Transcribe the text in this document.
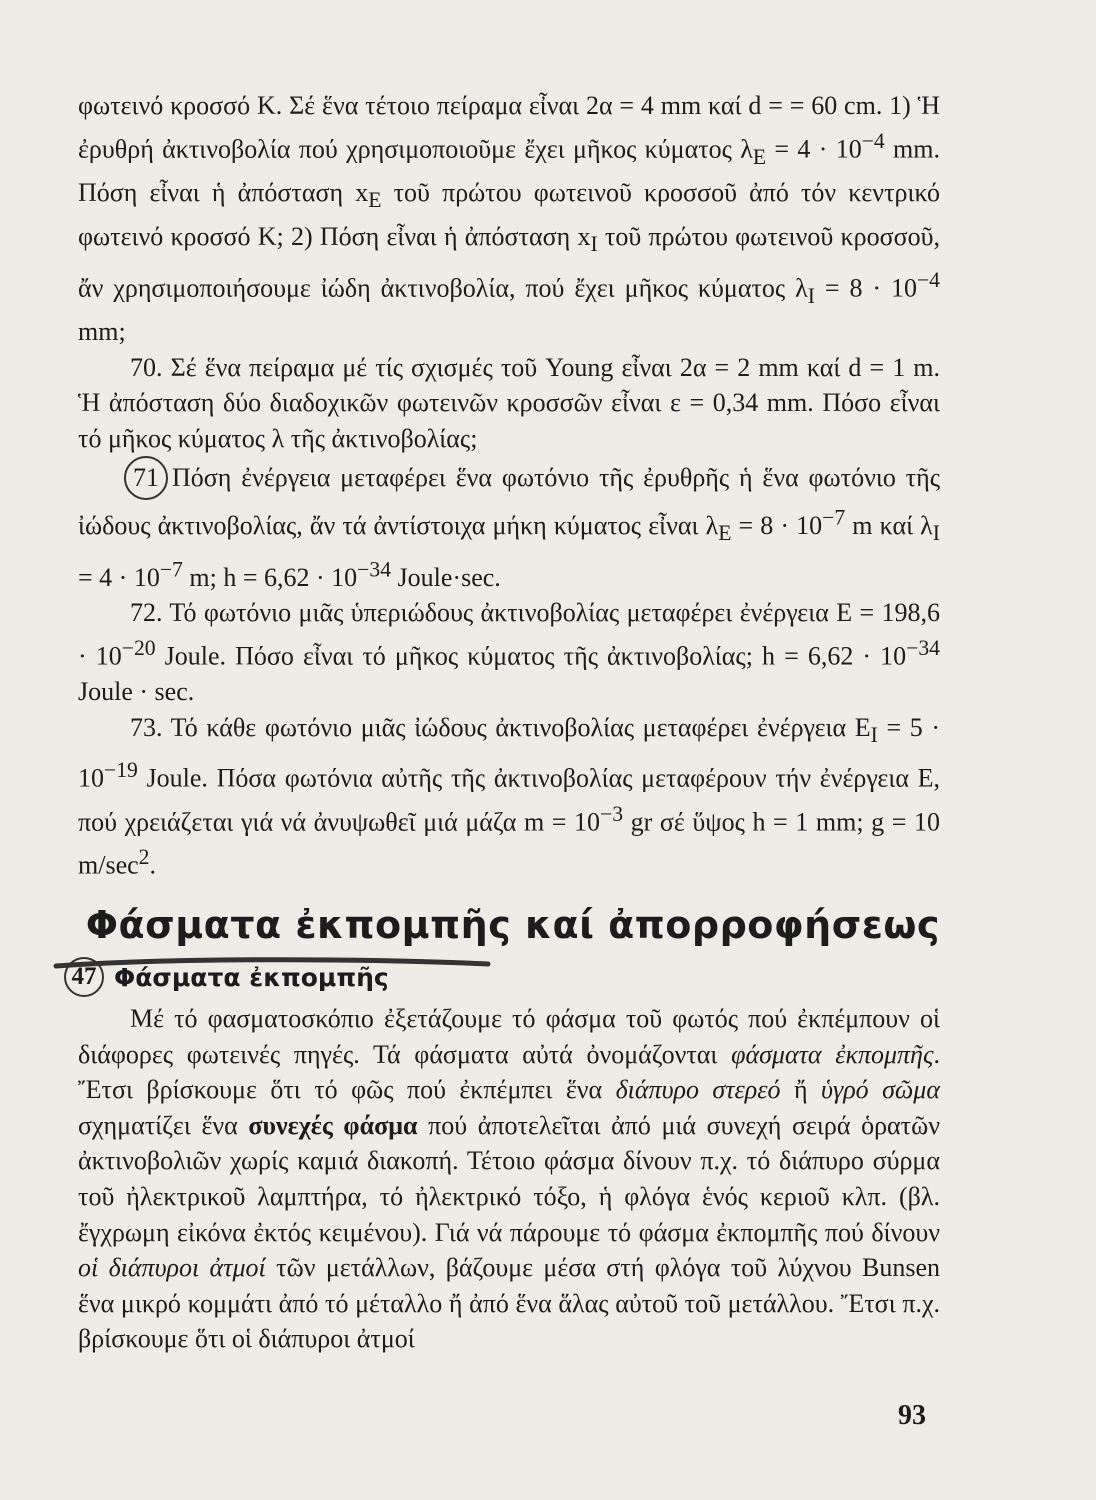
φωτεινό κροσσό Κ. Σέ ἕνα τέτοιο πείραμα εἶναι 2α = 4 mm καί d = = 60 cm. 1) Ἡ ἐρυθρή ἀκτινοβολία πού χρησιμοποιοῦμε ἔχει μῆκος κύματος $\lambda_E = 4 \cdot 10^{-4}$ mm. Πόση εἶναι ἡ ἀπόσταση $x_E$ τοῦ πρώτου φωτεινοῦ κροσσοῦ ἀπό τόν κεντρικό φωτεινό κροσσό Κ; 2) Πόση εἶναι ἡ ἀπόσταση $x_I$ τοῦ πρώτου φωτεινοῦ κροσσοῦ, ἄν χρησιμοποιήσουμε ἰώδη ἀκτινοβολία, πού ἔχει μῆκος κύματος $\lambda_I = 8 \cdot 10^{-4}$ mm;

70. Σέ ἕνα πείραμα μέ τίς σχισμές τοῦ Young εἶναι 2α = 2 mm καί d = 1 m. Ἡ ἀπόσταση δύο διαδοχικῶν φωτεινῶν κροσσῶν εἶναι ε = 0,34 mm. Πόσο εἶναι τό μῆκος κύματος λ τῆς ἀκτινοβολίας;

71 Πόση ἐνέργεια μεταφέρει ἕνα φωτόνιο τῆς ἐρυθρῆς ἡ ἕνα φωτόνιο τῆς ἰώδους ἀκτινοβολίας, ἄν τά ἀντίστοιχα μήκη κύματος εἶναι $\lambda_E = 8 \cdot 10^{-7}$ m καί $\lambda_I = 4 \cdot 10^{-7}$ m; $h = 6,62 \cdot 10^{-34}$ Joule·sec.

72. Τό φωτόνιο μιᾶς ὑπεριώδους ἀκτινοβολίας μεταφέρει ἐνέργεια $E = 198,6 \cdot 10^{-20}$ Joule. Πόσο εἶναι τό μῆκος κύματος τῆς ἀκτινοβολίας; $h = 6,62 \cdot 10^{-34}$ Joule · sec.

73. Τό κάθε φωτόνιο μιᾶς ἰώδους ἀκτινοβολίας μεταφέρει ἐνέργεια $E_I = 5 \cdot 10^{-19}$ Joule. Πόσα φωτόνια αὐτῆς τῆς ἀκτινοβολίας μεταφέρουν τήν ἐνέργεια E, πού χρειάζεται γιά νά ἀνυψωθεῖ μιά μάζα $m = 10^{-3}$ gr σέ ὕψος h = 1 mm; g = 10 $m/\sec^2$.

Φάσματα ἐκπομπῆς καί ἀπορροφήσεως
47 Φάσματα ἐκπομπῆς

Μέ τό φασματοσκόπιο ἐξετάζουμε τό φάσμα τοῦ φωτός πού ἐκπέμπουν οἱ διάφορες φωτεινές πηγές. Τά φάσματα αὐτά ὀνομάζονται φάσματα ἐκπομπῆς. Ἔτσι βρίσκουμε ὅτι τό φῶς πού ἐκπέμπει ἕνα διάπυρο στερεό ἤ ὑγρό σῶμα σχηματίζει ἕνα συνεχές φάσμα πού ἀποτελεῖται ἀπό μιά συνεχή σειρά ὁρατῶν ἀκτινοβολιῶν χωρίς καμιά διακοπή. Τέτοιο φάσμα δίνουν π.χ. τό διάπυρο σύρμα τοῦ ἠλεκτρικοῦ λαμπτήρα, τό ἠλεκτρικό τόξο, ἡ φλόγα ἑνός κεριοῦ κλπ. (βλ. ἔγχρωμη εἰκόνα ἐκτός κειμένου). Γιά νά πάρουμε τό φάσμα ἐκπομπῆς πού δίνουν οἱ διάπυροι ἀτμοί τῶν μετάλλων, βάζουμε μέσα στή φλόγα τοῦ λύχνου Bunsen ἕνα μικρό κομμάτι ἀπό τό μέταλλο ἤ ἀπό ἕνα ἅλας αὐτοῦ τοῦ μετάλλου. Ἔτσι π.χ. βρίσκουμε ὅτι οἱ διάπυροι ἀτμοί

93
